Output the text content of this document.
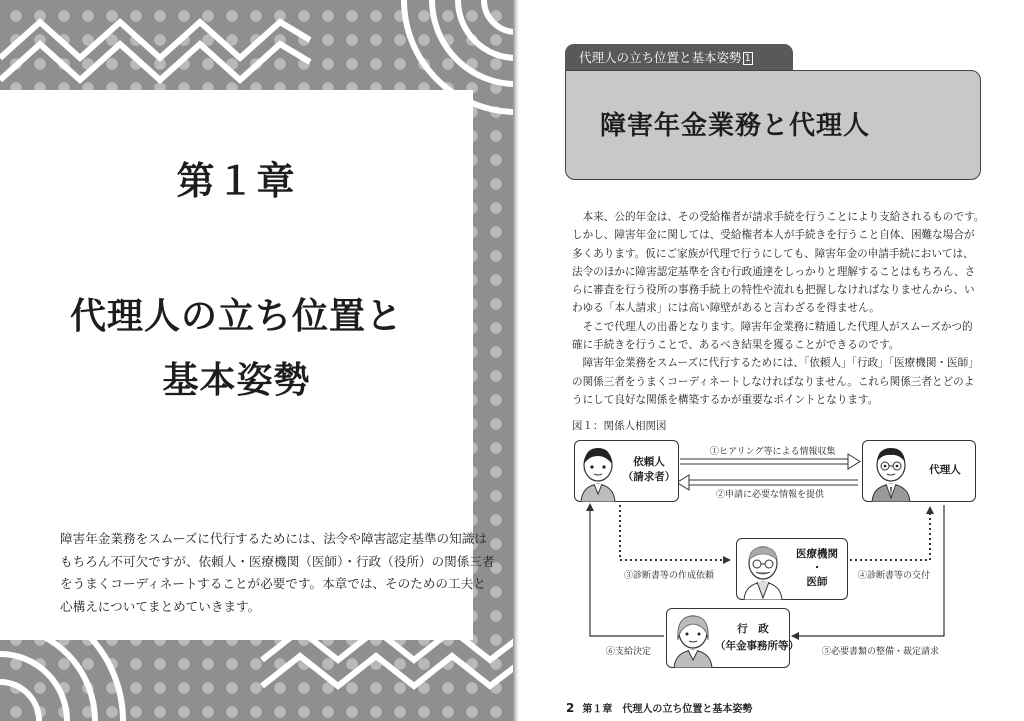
第１章
代理人の立ち位置と
基本姿勢

障害年金業務をスムーズに代行するためには、法令や障害認定基準の知識は

もちろん不可欠ですが、依頼人・医療機関（医師）・行政（役所）の関係三者

をうまくコーディネートすることが必要です。本章では、そのための工夫と

心構えについてまとめていきます。

代理人の立ち位置と基本姿勢 1
障害年金業務と代理人

　本来、公的年金は、その受給権者が請求手続を行うことにより支給されるものです。

しかし、障害年金に関しては、受給権者本人が手続きを行うこと自体、困難な場合が

多くあります。仮にご家族が代理で行うにしても、障害年金の申請手続においては、

法令のほかに障害認定基準を含む行政通達をしっかりと理解することはもちろん、さ

らに審査を行う役所の事務手続上の特性や流れも把握しなければなりませんから、い

わゆる「本人請求」には高い障壁があると言わざるを得ません。

　そこで代理人の出番となります。障害年金業務に精通した代理人がスムーズかつ的

確に手続きを行うことで、あるべき結果を獲ることができるのです。

　障害年金業務をスムーズに代行するためには、「依頼人」「行政」「医療機関・医師」

の関係三者をうまくコーディネートしなければなりません。これら関係三者とどのよ

うにして良好な関係を構築するかが重要なポイントとなります。

図１：関係人相関図
依頼人
（請求者）
代理人
医療機関
・
医師
行　政
（年金事務所等）
①ヒアリング等による情報収集
②申請に必要な情報を提供
③診断書等の作成依頼	④診断書等の交付
⑤必要書類の整備・裁定請求
⑥支給決定
2 第１章　 代理人の立ち位置と基本姿勢
